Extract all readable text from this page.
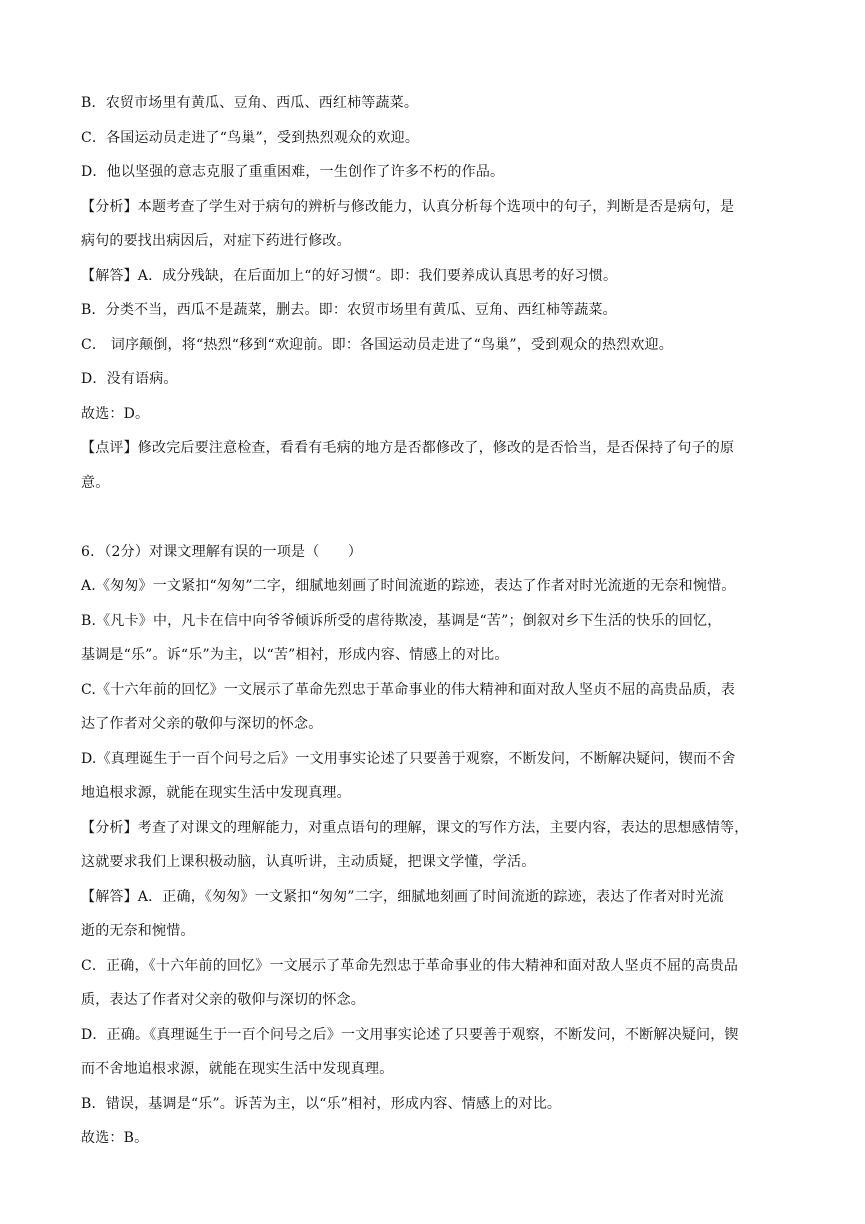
B．农贸市场里有黄瓜、豆角、西瓜、西红柿等蔬菜。
C．各国运动员走进了“鸟巢”，受到热烈观众的欢迎。
D．他以坚强的意志克服了重重困难，一生创作了许多不朽的作品。
【分析】本题考查了学生对于病句的辨析与修改能力，认真分析每个选项中的句子，判断是否是病句，是
病句的要找出病因后，对症下药进行修改。
【解答】A．成分残缺，在后面加上“的好习惯“。即：我们要养成认真思考的好习惯。
B．分类不当，西瓜不是蔬菜，删去。即：农贸市场里有黄瓜、豆角、西红柿等蔬菜。
C． 词序颠倒，将“热烈“移到“欢迎前。即：各国运动员走进了“鸟巢”，受到观众的热烈欢迎。
D．没有语病。
故选：D。
【点评】修改完后要注意检查，看看有毛病的地方是否都修改了，修改的是否恰当，是否保持了句子的原
意。
6．（2分）对课文理解有误的一项是（　　）
A.《匆匆》一文紧扣“匆匆”二字，细腻地刻画了时间流逝的踪迹，表达了作者对时光流逝的无奈和惋惜。
B.《凡卡》中，凡卡在信中向爷爷倾诉所受的虐待欺凌，基调是“苦”；倒叙对乡下生活的快乐的回忆，
基调是“乐”。诉“乐”为主，以“苦”相衬，形成内容、情感上的对比。
C.《十六年前的回忆》一文展示了革命先烈忠于革命事业的伟大精神和面对敌人坚贞不屈的高贵品质，表
达了作者对父亲的敬仰与深切的怀念。
D.《真理诞生于一百个问号之后》一文用事实论述了只要善于观察，不断发问，不断解决疑问，锲而不舍
地追根求源，就能在现实生活中发现真理。
【分析】考查了对课文的理解能力，对重点语句的理解，课文的写作方法，主要内容，表达的思想感情等，
这就要求我们上课积极动脑，认真听讲，主动质疑，把课文学懂，学活。
【解答】A．正确，《匆匆》一文紧扣“匆匆”二字，细腻地刻画了时间流逝的踪迹，表达了作者对时光流
逝的无奈和惋惜。
C．正确，《十六年前的回忆》一文展示了革命先烈忠于革命事业的伟大精神和面对敌人坚贞不屈的高贵品
质，表达了作者对父亲的敬仰与深切的怀念。
D．正确。《真理诞生于一百个问号之后》一文用事实论述了只要善于观察，不断发问，不断解决疑问，锲
而不舍地追根求源，就能在现实生活中发现真理。
B．错误，基调是“乐”。诉苦为主，以“乐”相衬，形成内容、情感上的对比。
故选：B。
